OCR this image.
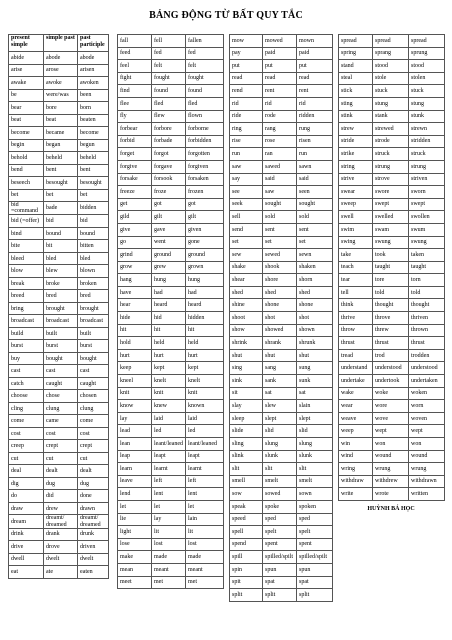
BẢNG ĐỘNG TỪ BẤT QUY TẮC
present simple	simple past	past participle
abide	abode	abode
arise	arose	arisen
awake	awoke	awoken
be	were/was	been
bear	bore	born
beat	beat	beaten
become	became	become
begin	began	begun
behold	beheld	beheld
bend	bent	bent
beseech	besought	besought
bet	bet	bet
bid =command	bade	bidden
bid (=offer)	bid	bid
bind	bound	bound
bite	bit	bitten
bleed	bled	bled
blow	blew	blown
break	broke	broken
breed	bred	bred
bring	brought	brought
broadcast	broadcast	broadcast
build	built	built
burst	burst	burst
buy	bought	bought
cast	cast	cast
catch	caught	caught
choose	chose	chosen
cling	clung	clung
come	came	come
cost	cost	cost
creep	crept	crept
cut	cut	cut
deal	dealt	dealt
dig	dug	dug
do	did	done
draw	drew	drawn
dream	dreamt/ dreamed	dreamt/ dreamed
drink	drank	drunk
drive	drove	driven
dwell	dwelt	dwelt
eat	ate	eaten
fall	fell	fallen
feed	fed	fed
feel	felt	felt
fight	fought	fought
find	found	found
flee	fled	fled
fly	flew	flown
forbear	forbore	forborne
forbid	forbade	forbidden
forget	forgot	forgotten
forgive	forgave	forgiven
forsake	forsook	forsaken
freeze	froze	frozen
get	got	got
gild	gilt	gilt
give	gave	given
go	went	gone
grind	ground	ground
grow	grew	grown
hang	hung	hung
have	had	had
hear	heard	heard
hide	hid	hidden
hit	hit	hit
hold	held	held
hurt	hurt	hurt
keep	kept	kept
kneel	knelt	knelt
knit	knit	knit
know	knew	known
lay	laid	laid
lead	led	led
lean	leant/leaned	leant/leaned
leap	leapt	leapt
learn	learnt	learnt
leave	left	left
lend	lent	lent
let	let	let
lie	lay	lain
light	lit	lit
lose	lost	lost
make	made	made
mean	meant	meant
meet	met	met
mow	mowed	mown
pay	paid	paid
put	put	put
read	read	read
rend	rent	rent
rid	rid	rid
ride	rode	ridden
ring	rang	rung
rise	rose	risen
run	ran	run
saw	sawed	sawn
say	said	said
see	saw	seen
seek	sought	sought
sell	sold	sold
send	sent	sent
set	set	set
sew	sewed	sewn
shake	shook	shaken
shear	shore	shorn
shed	shed	shed
shine	shone	shone
shoot	shot	shot
show	showed	shown
shrink	shrank	shrunk
shut	shut	shut
sing	sang	sung
sink	sank	sunk
sit	sat	sat
slay	slew	slain
sleep	slept	slept
slide	slid	slid
sling	slung	slung
slink	slunk	slunk
slit	slit	slit
smell	smelt	smelt
sow	sowed	sown
speak	spoke	spoken
speed	sped	sped
spell	spelt	spelt
spend	spent	spent
spill	spilled/spilt	spilled/spilt
spin	spun	spun
spit	spat	spat
split	split	split
spread	spread	spread
spring	sprang	sprung
stand	stood	stood
steal	stole	stolen
stick	stuck	stuck
sting	stung	stung
stink	stank	stunk
strew	strewed	strewn
stride	strode	stridden
strike	struck	struck
string	strung	strung
strive	strove	striven
swear	swore	sworn
sweep	swept	swept
swell	swelled	swollen
swim	swam	swum
swing	swung	swung
take	took	taken
teach	taught	taught
tear	tore	torn
tell	told	told
think	thought	thought
thrive	throve	thriven
throw	threw	thrown
thrust	thrust	thrust
tread	trod	trodden
understand	understood	understood
undertake	undertook	undertaken
wake	woke	woken
wear	wore	worn
weave	wove	woven
weep	wept	wept
win	won	won
wind	wound	wound
wring	wrung	wrung
withdraw	withdrew	withdrawn
write	wrote	written
HUỲNH BÁ HỌC
